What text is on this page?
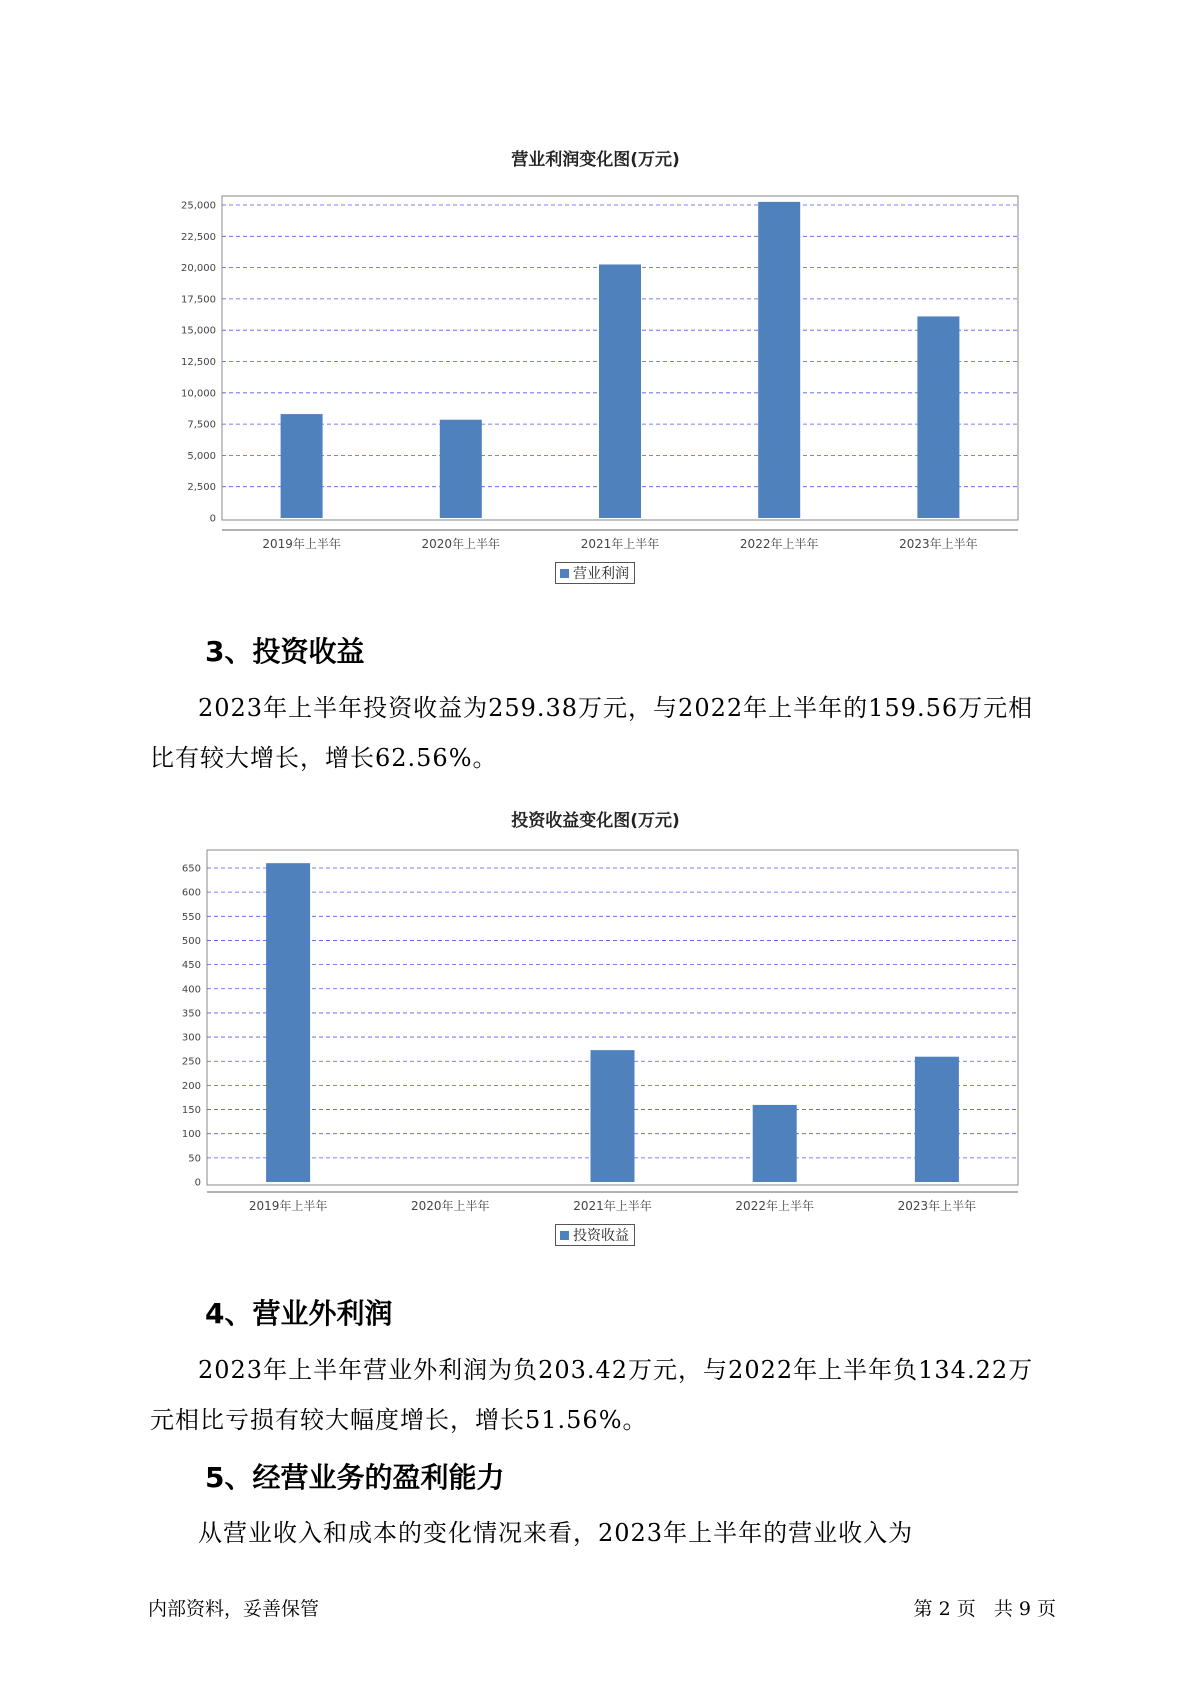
营业利润变化图(万元)
0
2,500
5,000
7,500
10,000
12,500
15,000
17,500
20,000
22,500
25,000
2019年上半年	2020年上半年	2021年上半年	2022年上半年	2023年上半年
营业利润
3、投资收益
2023年上半年投资收益为259.38万元，与2022年上半年的159.56万元相比有较大增长，增长62.56%。
投资收益变化图(万元)
0
50
100
150
200
250
300
350
400
450
500
550
600
650
2019年上半年	2020年上半年	2021年上半年	2022年上半年	2023年上半年
投资收益
4、营业外利润
2023年上半年营业外利润为负203.42万元，与2022年上半年负134.22万元相比亏损有较大幅度增长，增长51.56%。
5、经营业务的盈利能力
从营业收入和成本的变化情况来看，2023年上半年的营业收入为
内部资料，妥善保管	第 2 页   共 9 页
